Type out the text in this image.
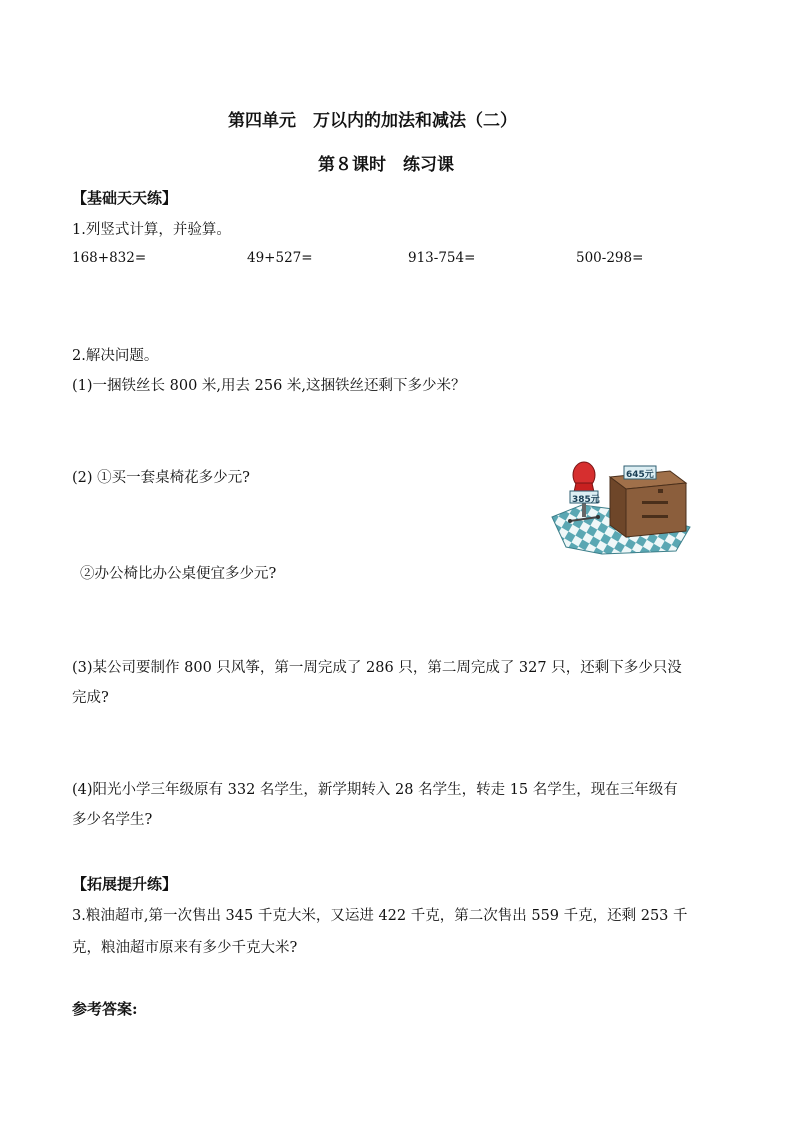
第四单元　万以内的加法和减法（二）
第８课时　练习课
【基础天天练】
1.列竖式计算，并验算。
168+832=	49+527=	913-754=	500-298=
2.解决问题。
(1)一捆铁丝长 800 米,用去 256 米,这捆铁丝还剩下多少米？
(2) ①买一套桌椅花多少元?
②办公椅比办公桌便宜多少元?
(3)某公司要制作 800 只风筝，第一周完成了 286 只，第二周完成了 327 只，还剩下多少只没
完成?
(4)阳光小学三年级原有 332 名学生，新学期转入 28 名学生，转走 15 名学生，现在三年级有
多少名学生?
【拓展提升练】
3.粮油超市,第一次售出 345 千克大米，又运进 422 千克，第二次售出 559 千克，还剩 253 千
克，粮油超市原来有多少千克大米?
参考答案:
645元
385元
